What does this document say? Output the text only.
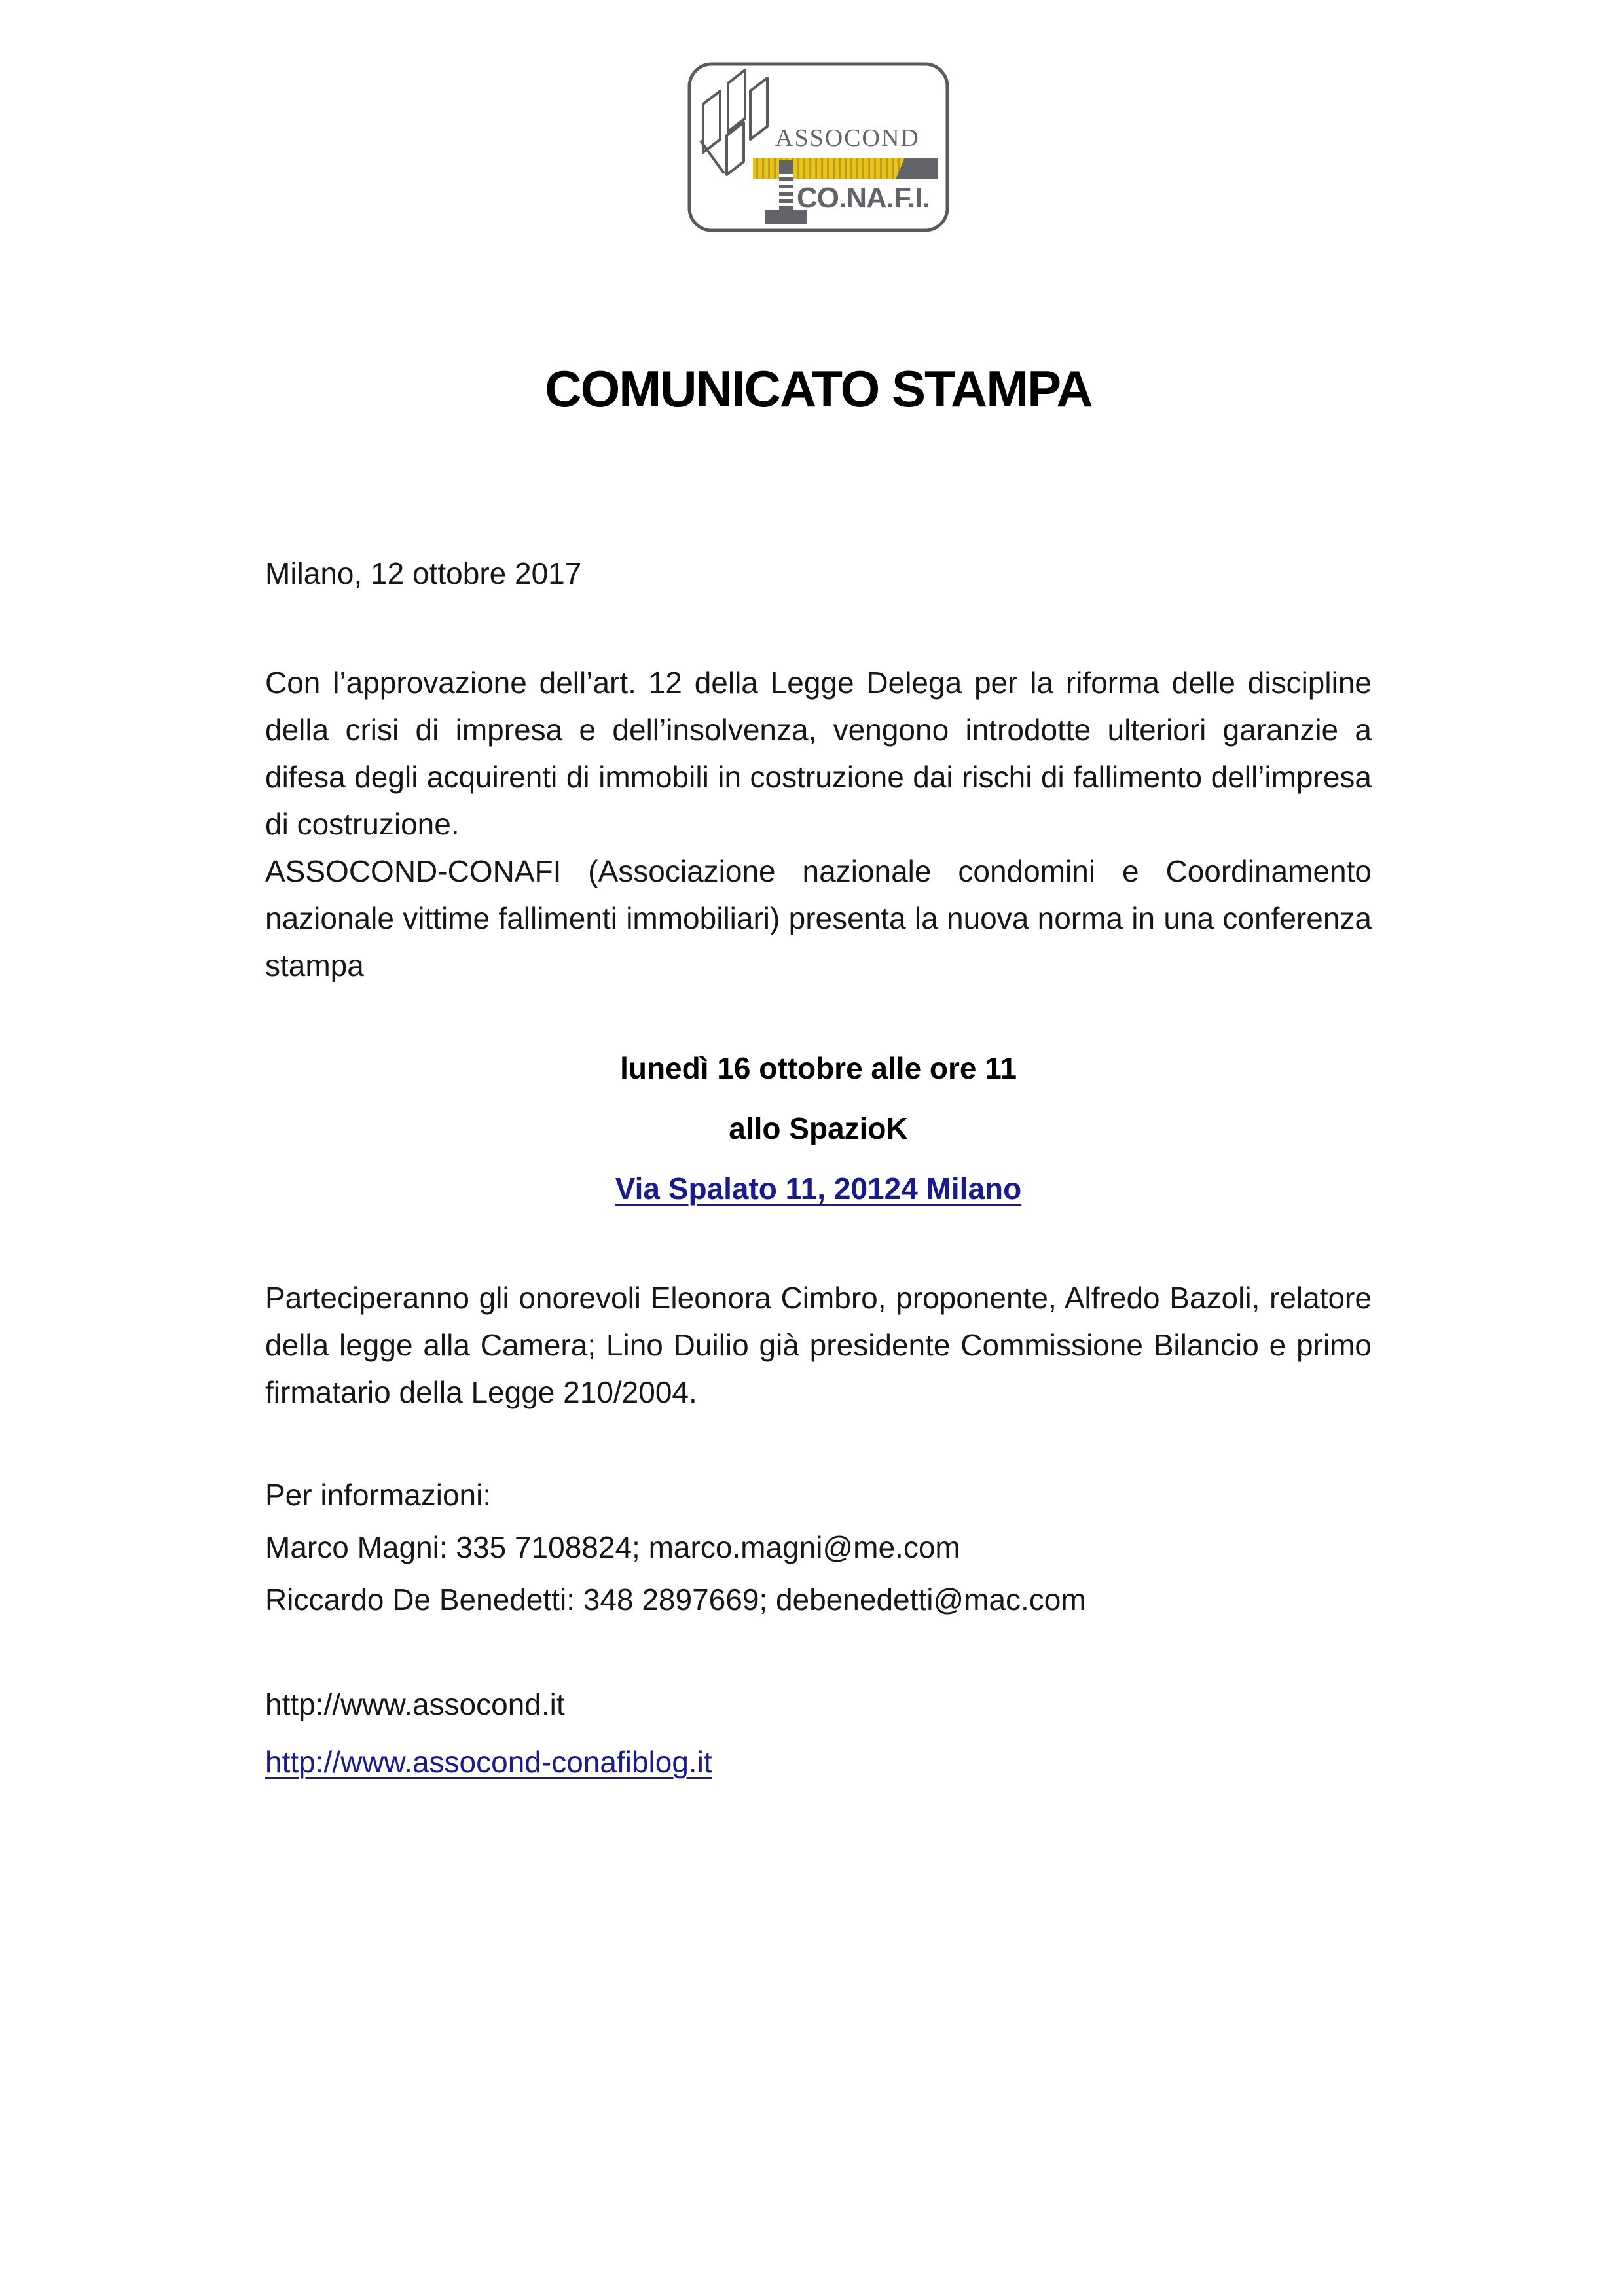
ASSOCOND
CO.NA.F.I.
COMUNICATO STAMPA

Milano, 12 ottobre 2017

Con l’approvazione dell’art. 12 della Legge Delega per la riforma delle discipline della crisi di impresa e dell’insolvenza, vengono introdotte ulteriori garanzie a difesa degli acquirenti di immobili in costruzione dai rischi di fallimento dell’impresa di costruzione.

ASSOCOND-CONAFI (Associazione nazionale condomini e Coordinamento nazionale vittime fallimenti immobiliari) presenta la nuova norma in una conferenza stampa

lunedì 16 ottobre alle ore 11

allo SpazioK

Via Spalato 11, 20124 Milano

Parteciperanno gli onorevoli Eleonora Cimbro, proponente, Alfredo Bazoli, relatore della legge alla Camera; Lino Duilio già presidente Commissione Bilancio e primo firmatario della Legge 210/2004.

Per informazioni:

Marco Magni: 335 7108824; marco.magni@me.com

Riccardo De Benedetti: 348 2897669; debenedetti@mac.com

http://www.assocond.it

http://www.assocond-conafiblog.it
